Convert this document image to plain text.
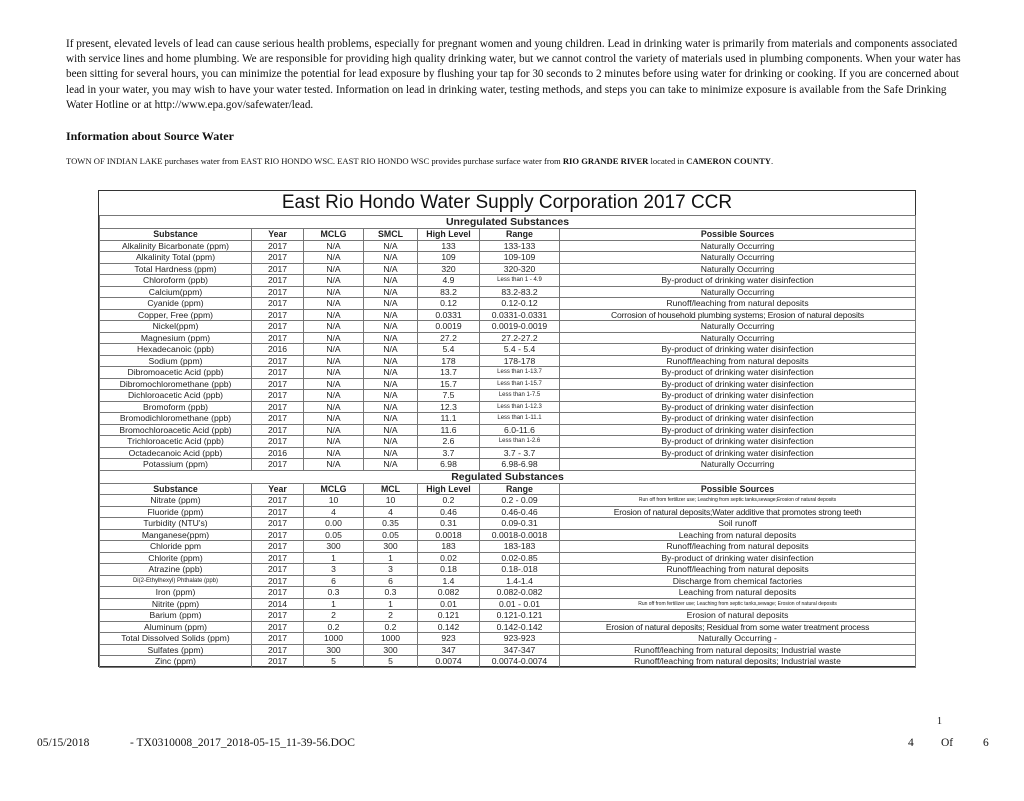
If present, elevated levels of lead can cause serious health problems, especially for pregnant women and young children. Lead in drinking water is primarily from materials and components associated with service lines and home plumbing. We are responsible for providing high quality drinking water, but we cannot control the variety of materials used in plumbing components. When your water has been sitting for several hours, you can minimize the potential for lead exposure by flushing your tap for 30 seconds to 2 minutes before using water for drinking or cooking. If you are concerned about lead in your water, you may wish to have your water tested. Information on lead in drinking water, testing methods, and steps you can take to minimize exposure is available from the Safe Drinking Water Hotline or at http://www.epa.gov/safewater/lead.

Information about Source Water

TOWN OF INDIAN LAKE purchases water from EAST RIO HONDO WSC. EAST RIO HONDO WSC provides purchase surface water from RIO GRANDE RIVER located in CAMERON COUNTY.

East Rio Hondo Water Supply Corporation 2017 CCR
Unregulated Substances						
Substance	Year	MCLG	SMCL	High Level	Range	Possible Sources
Alkalinity Bicarbonate (ppm)	2017	N/A	N/A	133	133-133	Naturally Occurring
Alkalinity Total (ppm)	2017	N/A	N/A	109	109-109	Naturally Occurring
Total Hardness (ppm)	2017	N/A	N/A	320	320-320	Naturally Occurring
Chloroform (ppb)	2017	N/A	N/A	4.9	Less than 1 - 4.9	By-product of drinking water disinfection
Calcium(ppm)	2017	N/A	N/A	83.2	83.2-83.2	Naturally Occurring
Cyanide (ppm)	2017	N/A	N/A	0.12	0.12-0.12	Runoff/leaching from natural deposits
Copper, Free (ppm)	2017	N/A	N/A	0.0331	0.0331-0.0331	Corrosion of household plumbing systems; Erosion of natural deposits
Nickel(ppm)	2017	N/A	N/A	0.0019	0.0019-0.0019	Naturally Occurring
Magnesium (ppm)	2017	N/A	N/A	27.2	27.2-27.2	Naturally Occurring
Hexadecanoic (ppb)	2016	N/A	N/A	5.4	5.4 - 5.4	By-product of drinking water disinfection
Sodium (ppm)	2017	N/A	N/A	178	178-178	Runoff/leaching from natural deposits
Dibromoacetic Acid (ppb)	2017	N/A	N/A	13.7	Less than 1-13.7	By-product of drinking water disinfection
Dibromochloromethane (ppb)	2017	N/A	N/A	15.7	Less than 1-15.7	By-product of drinking water disinfection
Dichloroacetic Acid (ppb)	2017	N/A	N/A	7.5	Less than 1-7.5	By-product of drinking water disinfection
Bromoform (ppb)	2017	N/A	N/A	12.3	Less than 1-12.3	By-product of drinking water disinfection
Bromodichloromethane (ppb)	2017	N/A	N/A	11.1	Less than 1-11.1	By-product of drinking water disinfection
Bromochloroacetic Acid (ppb)	2017	N/A	N/A	11.6	6.0-11.6	By-product of drinking water disinfection
Trichloroacetic Acid (ppb)	2017	N/A	N/A	2.6	Less than 1-2.6	By-product of drinking water disinfection
Octadecanoic Acid (ppb)	2016	N/A	N/A	3.7	3.7 - 3.7	By-product of drinking water disinfection
Potassium (ppm)	2017	N/A	N/A	6.98	6.98-6.98	Naturally Occurring
Regulated Substances						
Substance	Year	MCLG	MCL	High Level	Range	Possible Sources
Nitrate (ppm)	2017	10	10	0.2	0.2 - 0.09	Run off from fertilizer use; Leaching from septic tanks,sewage;Erosion of natural deposits
Fluoride (ppm)	2017	4	4	0.46	0.46-0.46	Erosion of natural deposits;Water additive that promotes strong teeth
Turbidity (NTU's)	2017	0.00	0.35	0.31	0.09-0.31	Soil runoff
Manganese(ppm)	2017	0.05	0.05	0.0018	0.0018-0.0018	Leaching from natural deposits
Chloride ppm	2017	300	300	183	183-183	Runoff/leaching from natural deposits
Chlorite (ppm)	2017	1	1	0.02	0.02-0.85	By-product of drinking water disinfection
Atrazine (ppb)	2017	3	3	0.18	0.18-.018	Runoff/leaching from natural deposits
Di(2-Ethylhexyl) Phthalate (ppb)	2017	6	6	1.4	1.4-1.4	Discharge from chemical factories
Iron (ppm)	2017	0.3	0.3	0.082	0.082-0.082	Leaching from natural deposits
Nitrite (ppm)	2014	1	1	0.01	0.01 - 0.01	Run off from fertilizer use; Leaching from septic tanks,sewage; Erosion of natural deposits
Barium (ppm)	2017	2	2	0.121	0.121-0.121	Erosion of natural deposits
Aluminum (ppm)	2017	0.2	0.2	0.142	0.142-0.142	Erosion of natural deposits; Residual from some water treatment process
Total Dissolved Solids (ppm)	2017	1000	1000	923	923-923	Naturally Occurring -
Sulfates (ppm)	2017	300	300	347	347-347	Runoff/leaching from natural deposits; Industrial waste
Zinc (ppm)	2017	5	5	0.0074	0.0074-0.0074	Runoff/leaching from natural deposits; Industrial waste

05/15/2018	- TX0310008_2017_2018-05-15_11-39-56.DOC	4 Of	6

1
